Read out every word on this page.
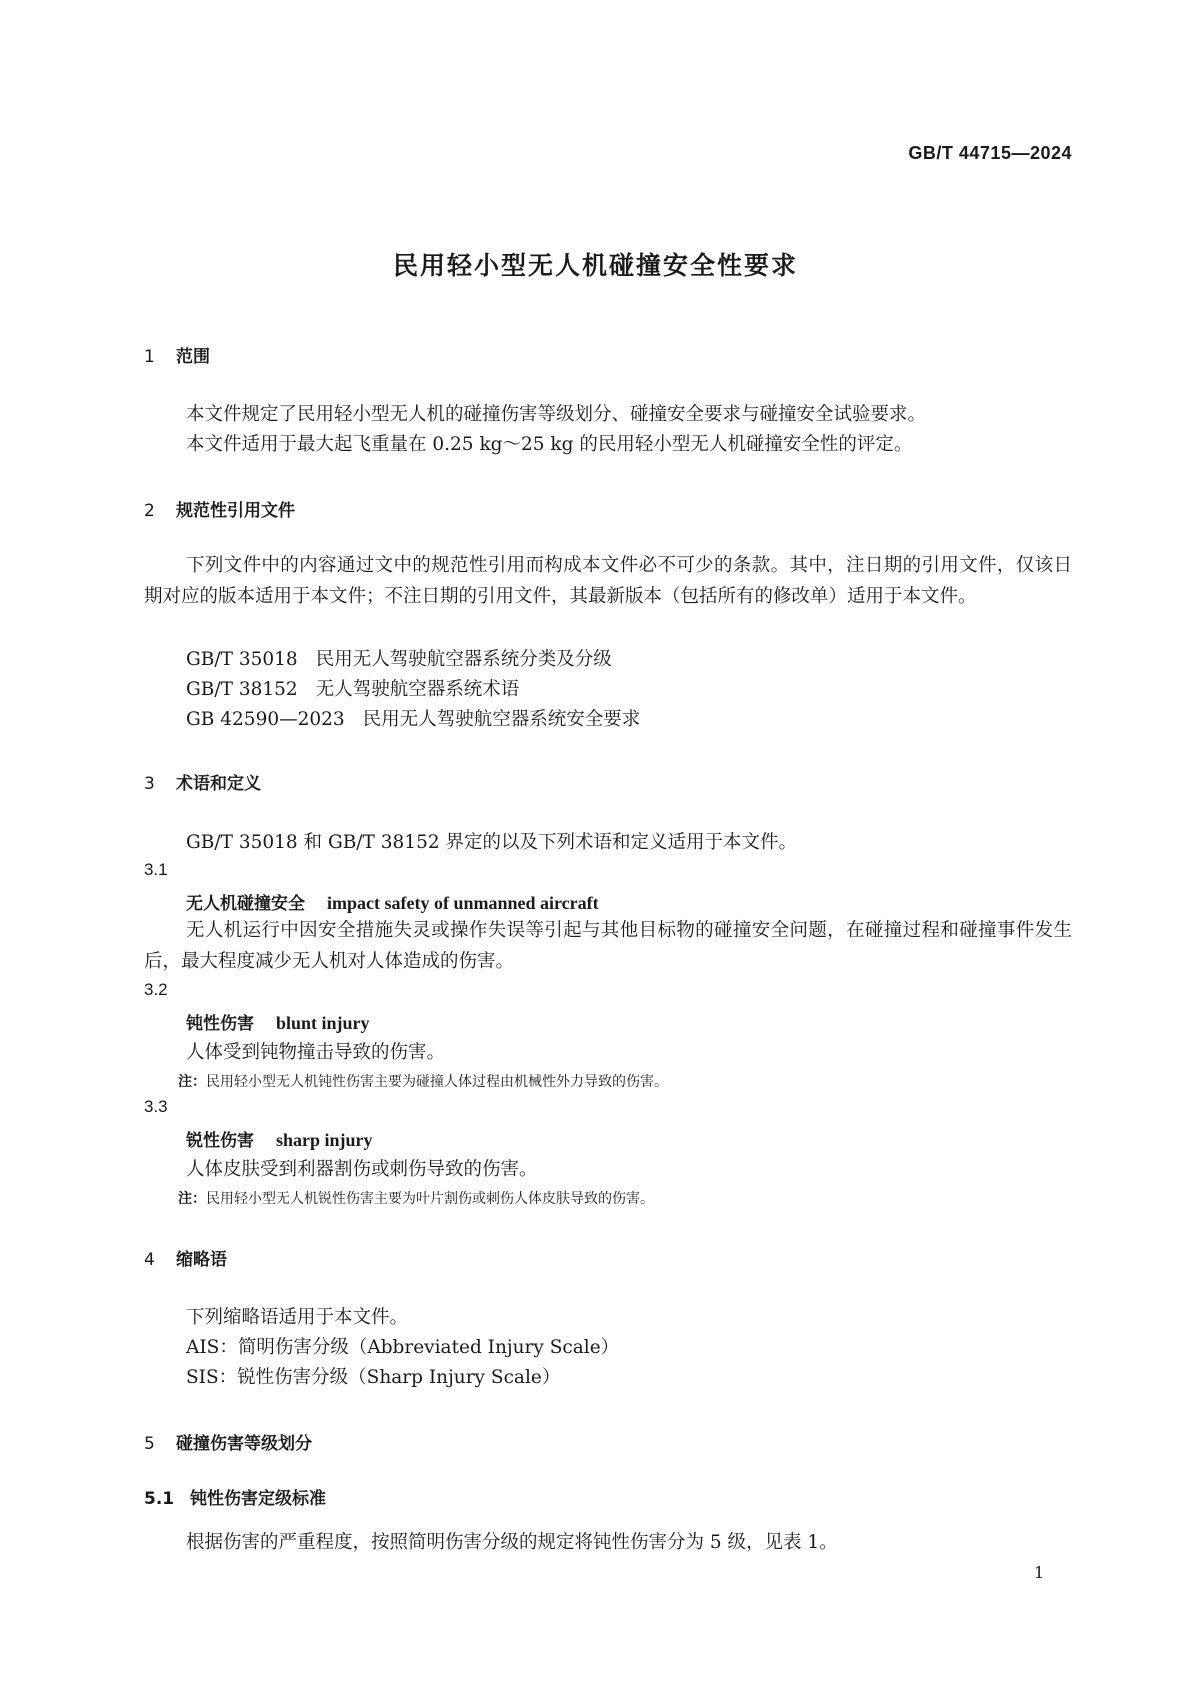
GB/T 44715—2024
民用轻小型无人机碰撞安全性要求
1 范围
本文件规定了民用轻小型无人机的碰撞伤害等级划分、碰撞安全要求与碰撞安全试验要求。
本文件适用于最大起飞重量在 0.25 kg～25 kg 的民用轻小型无人机碰撞安全性的评定。
2 规范性引用文件
下列文件中的内容通过文中的规范性引用而构成本文件必不可少的条款。其中，注日期的引用文件，仅该日期对应的版本适用于本文件；不注日期的引用文件，其最新版本（包括所有的修改单）适用于本文件。
GB/T 35018 民用无人驾驶航空器系统分类及分级
GB/T 38152 无人驾驶航空器系统术语
GB 42590—2023 民用无人驾驶航空器系统安全要求
3 术语和定义
GB/T 35018 和 GB/T 38152 界定的以及下列术语和定义适用于本文件。
3.1
无人机碰撞安全 impact safety of unmanned aircraft
无人机运行中因安全措施失灵或操作失误等引起与其他目标物的碰撞安全问题，在碰撞过程和碰撞事件发生后，最大程度减少无人机对人体造成的伤害。
3.2
钝性伤害 blunt injury
人体受到钝物撞击导致的伤害。
注：民用轻小型无人机钝性伤害主要为碰撞人体过程由机械性外力导致的伤害。
3.3
锐性伤害 sharp injury
人体皮肤受到利器割伤或刺伤导致的伤害。
注：民用轻小型无人机锐性伤害主要为叶片割伤或刺伤人体皮肤导致的伤害。
4 缩略语
下列缩略语适用于本文件。
AIS：简明伤害分级（Abbreviated Injury Scale）
SIS：锐性伤害分级（Sharp Injury Scale）
5 碰撞伤害等级划分
5.1 钝性伤害定级标准
根据伤害的严重程度，按照简明伤害分级的规定将钝性伤害分为 5 级，见表 1。
1
